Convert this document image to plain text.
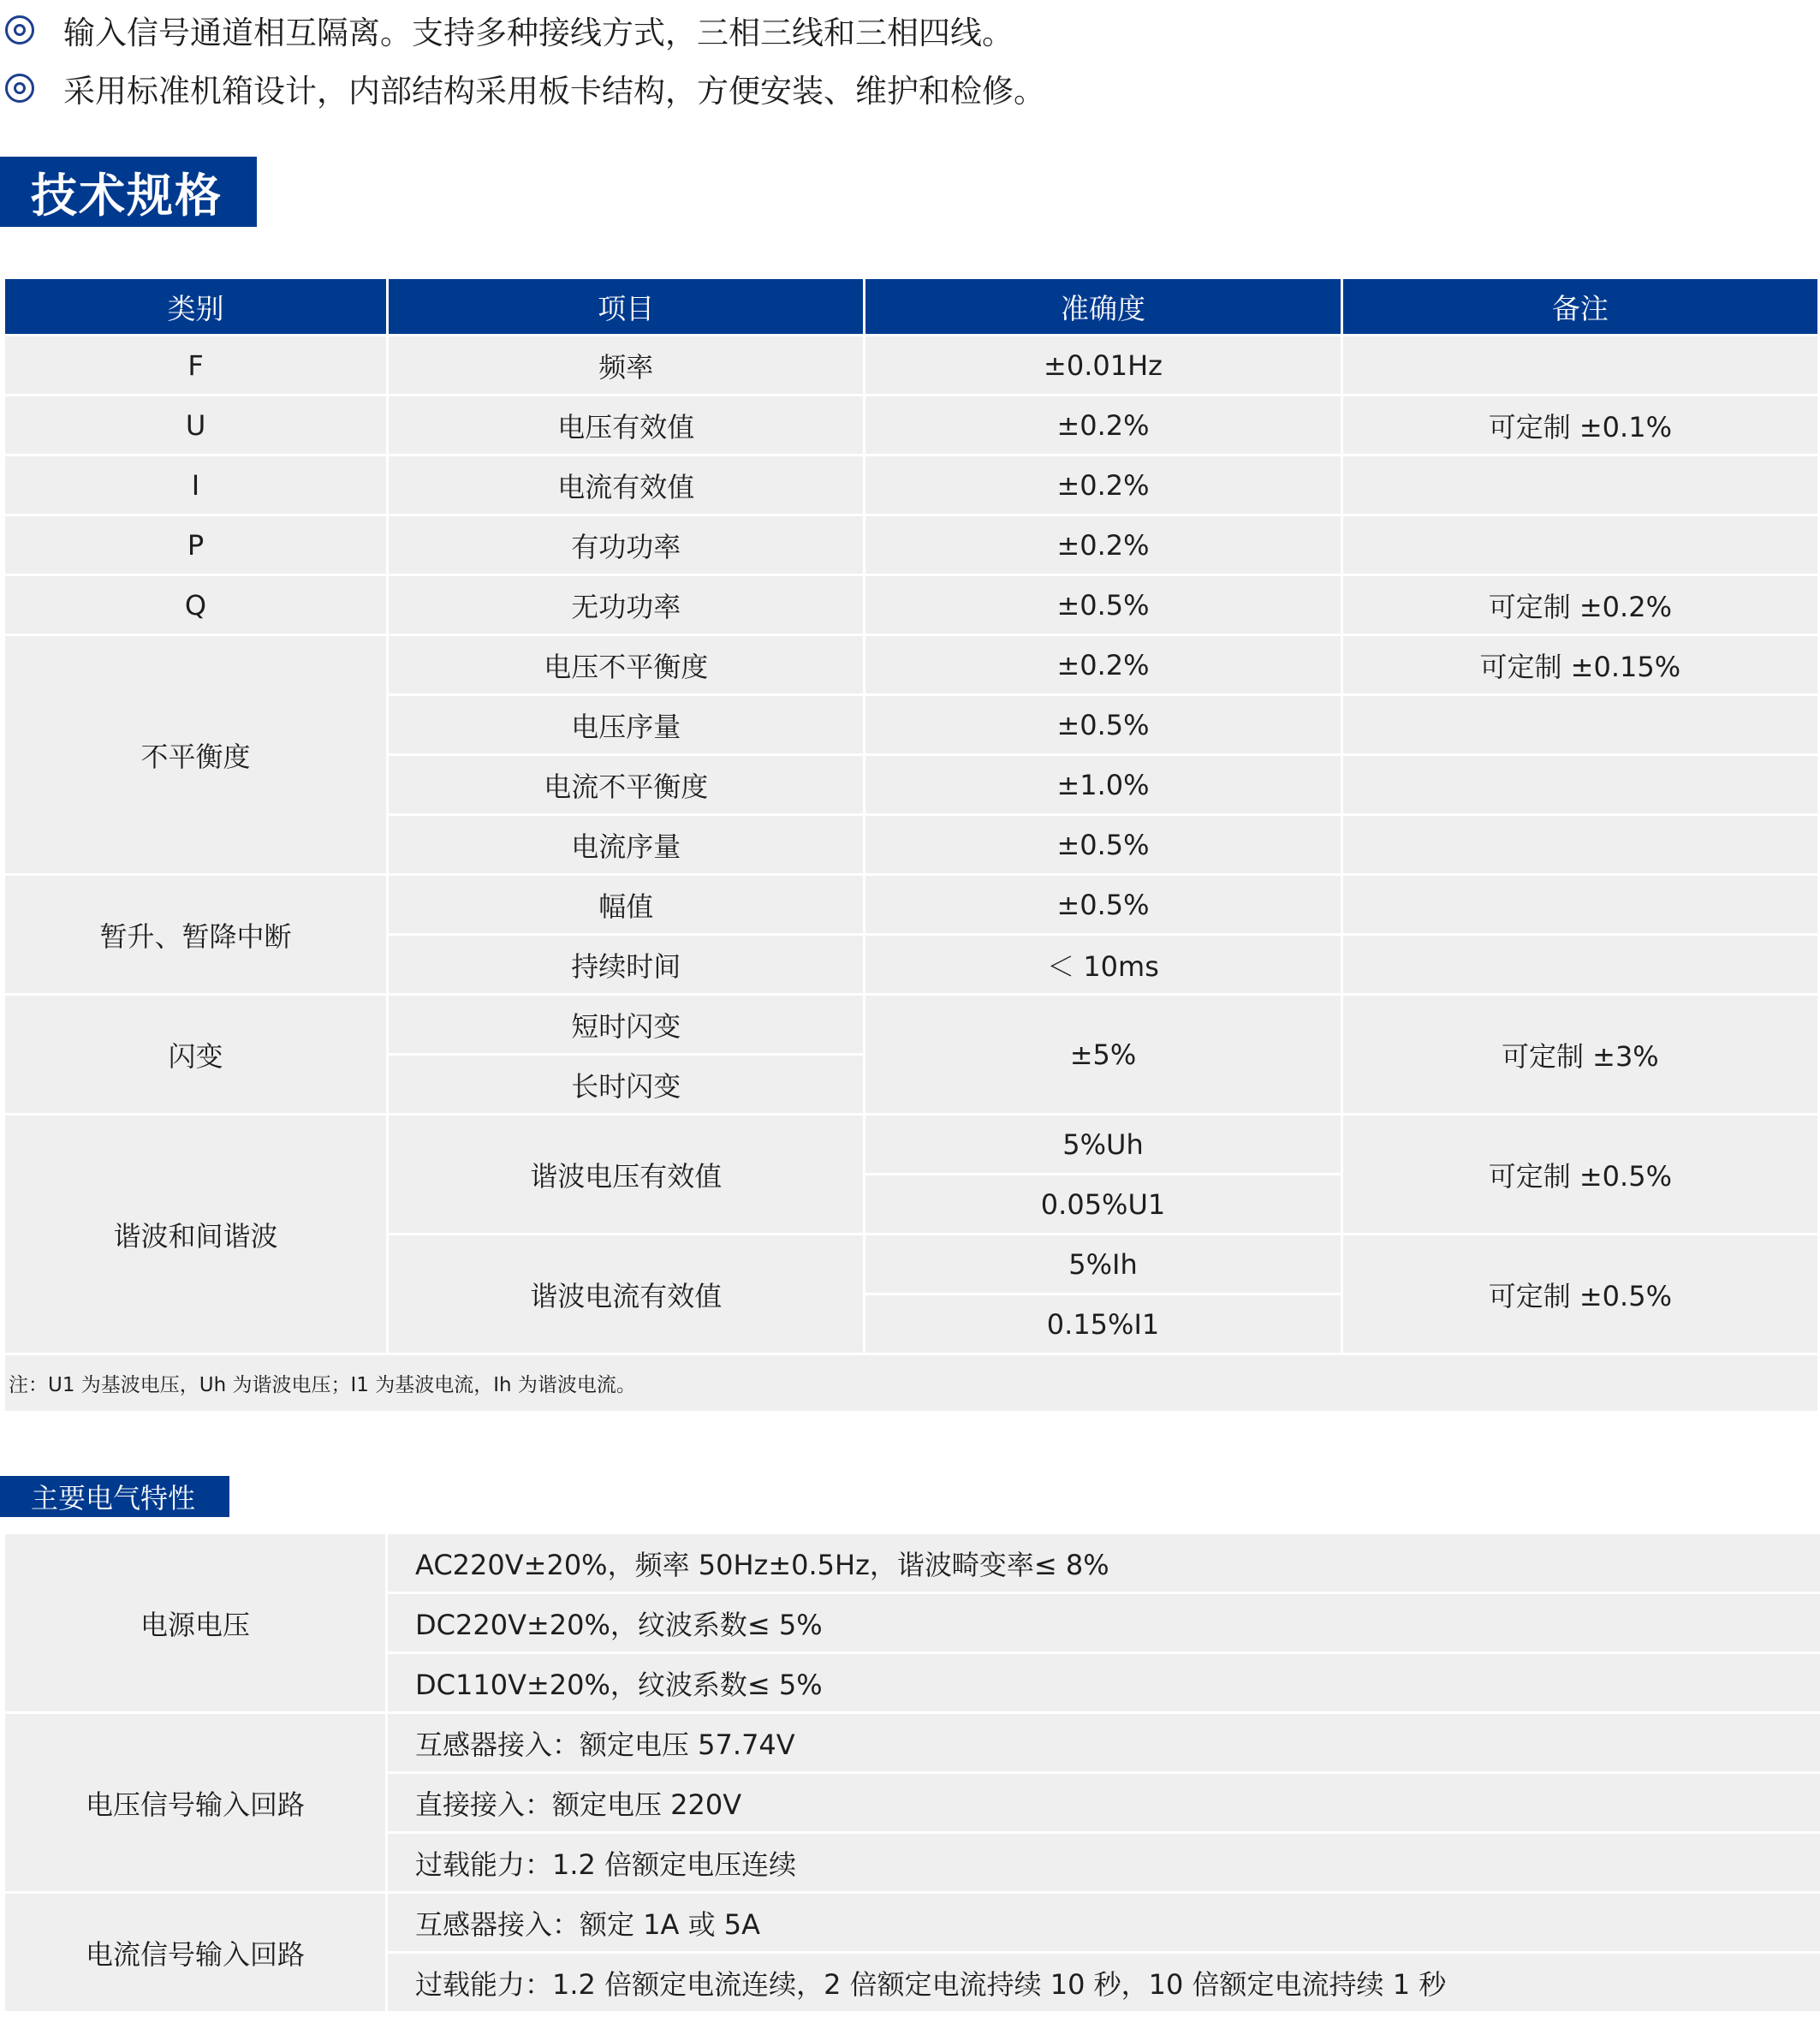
输入信号通道相互隔离。支持多种接线方式，三相三线和三相四线。
采用标准机箱设计，内部结构采用板卡结构，方便安装、维护和检修。
技术规格
类别	项目	准确度	备注
F	频率	±0.01Hz	
U	电压有效值	±0.2%	可定制 ±0.1%
I	电流有效值	±0.2%	
P	有功功率	±0.2%	
Q	无功功率	±0.5%	可定制 ±0.2%
不平衡度	电压不平衡度	±0.2%	可定制 ±0.15%
	电压序量	±0.5%	
	电流不平衡度	±1.0%	
	电流序量	±0.5%	
暂升、暂降中断	幅值	±0.5%	
	持续时间	＜ 10ms	
闪变	短时闪变	±5%	可定制 ±3%
	长时闪变		
谐波和间谐波	谐波电压有效值	5%Uh	可定制 ±0.5%
		0.05%U1	
	谐波电流有效值	5%Ih	可定制 ±0.5%
		0.15%I1	
注：U1 为基波电压，Uh 为谐波电压；I1 为基波电流，Ih 为谐波电流。			
主要电气特性
电源电压	AC220V±20%，频率 50Hz±0.5Hz，谐波畸变率≤ 8%
	DC220V±20%，纹波系数≤ 5%
	DC110V±20%，纹波系数≤ 5%
电压信号输入回路	互感器接入：额定电压 57.74V
	直接接入：额定电压 220V
	过载能力：1.2 倍额定电压连续
电流信号输入回路	互感器接入：额定 1A 或 5A
	过载能力：1.2 倍额定电流连续，2 倍额定电流持续 10 秒，10 倍额定电流持续 1 秒
